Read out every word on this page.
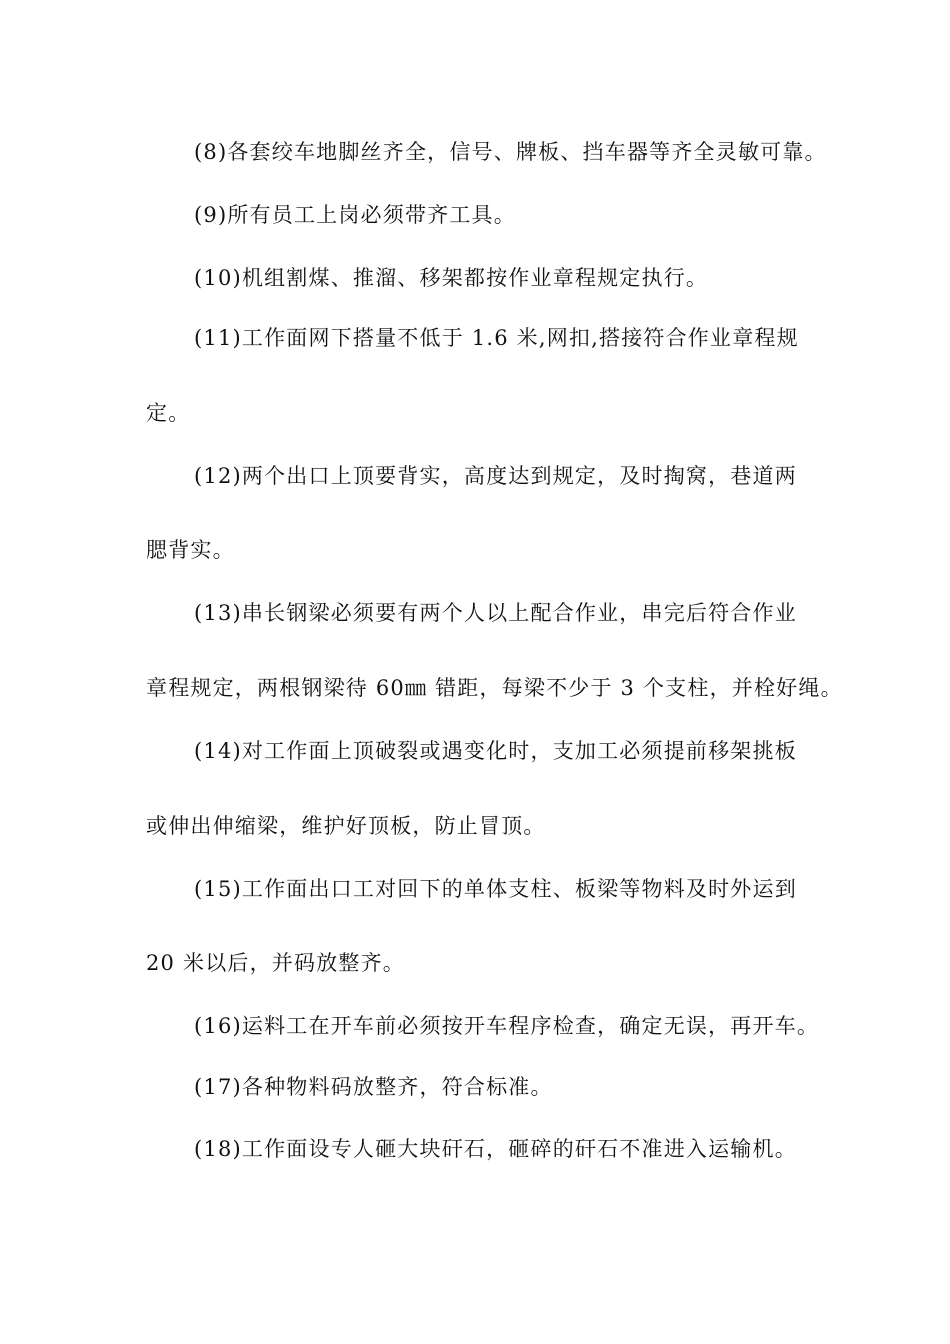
(8)各套绞车地脚丝齐全，信号、牌板、挡车器等齐全灵敏可靠。
(9)所有员工上岗必须带齐工具。
(10)机组割煤、推溜、移架都按作业章程规定执行。
(11)工作面网下搭量不低于 1.6 米,网扣,搭接符合作业章程规
定。
(12)两个出口上顶要背实，高度达到规定，及时掏窝，巷道两
腮背实。
(13)串长钢梁必须要有两个人以上配合作业，串完后符合作业
章程规定，两根钢梁待 60㎜ 错距，每梁不少于 3 个支柱，并栓好绳。
(14)对工作面上顶破裂或遇变化时，支加工必须提前移架挑板
或伸出伸缩梁，维护好顶板，防止冒顶。
(15)工作面出口工对回下的单体支柱、板梁等物料及时外运到
20 米以后，并码放整齐。
(16)运料工在开车前必须按开车程序检查，确定无误，再开车。
(17)各种物料码放整齐，符合标准。
(18)工作面设专人砸大块矸石，砸碎的矸石不准进入运输机。
